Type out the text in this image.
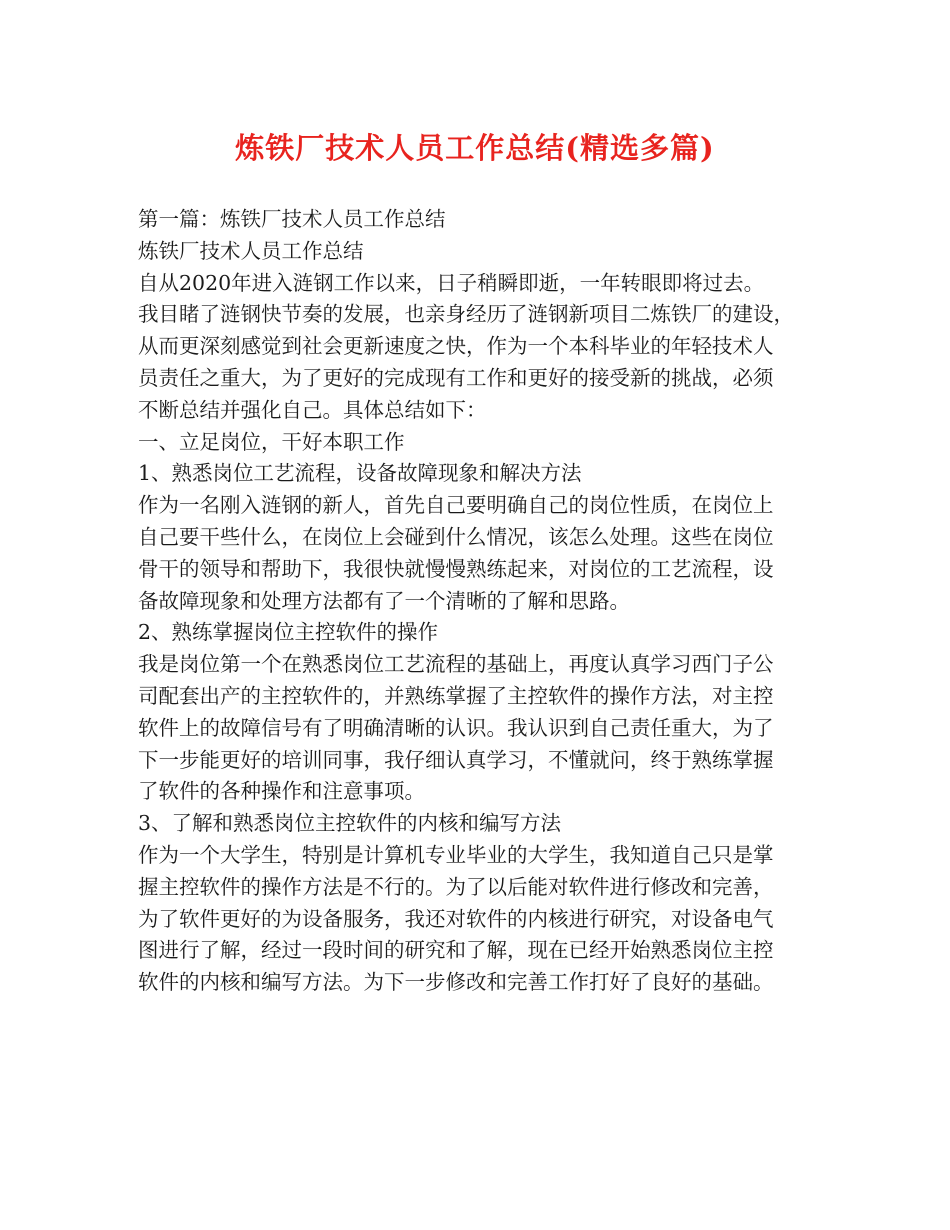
炼铁厂技术人员工作总结(精选多篇)
第一篇：炼铁厂技术人员工作总结
炼铁厂技术人员工作总结
自从2020年进入涟钢工作以来，日子稍瞬即逝，一年转眼即将过去。
我目睹了涟钢快节奏的发展，也亲身经历了涟钢新项目二炼铁厂的建设，
从而更深刻感觉到社会更新速度之快，作为一个本科毕业的年轻技术人
员责任之重大，为了更好的完成现有工作和更好的接受新的挑战，必须
不断总结并强化自己。具体总结如下：
一、立足岗位，干好本职工作
1、熟悉岗位工艺流程，设备故障现象和解决方法
作为一名刚入涟钢的新人，首先自己要明确自己的岗位性质，在岗位上
自己要干些什么，在岗位上会碰到什么情况，该怎么处理。这些在岗位
骨干的领导和帮助下，我很快就慢慢熟练起来，对岗位的工艺流程，设
备故障现象和处理方法都有了一个清晰的了解和思路。
2、熟练掌握岗位主控软件的操作
我是岗位第一个在熟悉岗位工艺流程的基础上，再度认真学习西门子公
司配套出产的主控软件的，并熟练掌握了主控软件的操作方法，对主控
软件上的故障信号有了明确清晰的认识。我认识到自己责任重大，为了
下一步能更好的培训同事，我仔细认真学习，不懂就问，终于熟练掌握
了软件的各种操作和注意事项。
3、了解和熟悉岗位主控软件的内核和编写方法
作为一个大学生，特别是计算机专业毕业的大学生，我知道自己只是掌
握主控软件的操作方法是不行的。为了以后能对软件进行修改和完善，
为了软件更好的为设备服务，我还对软件的内核进行研究，对设备电气
图进行了解，经过一段时间的研究和了解，现在已经开始熟悉岗位主控
软件的内核和编写方法。为下一步修改和完善工作打好了良好的基础。
